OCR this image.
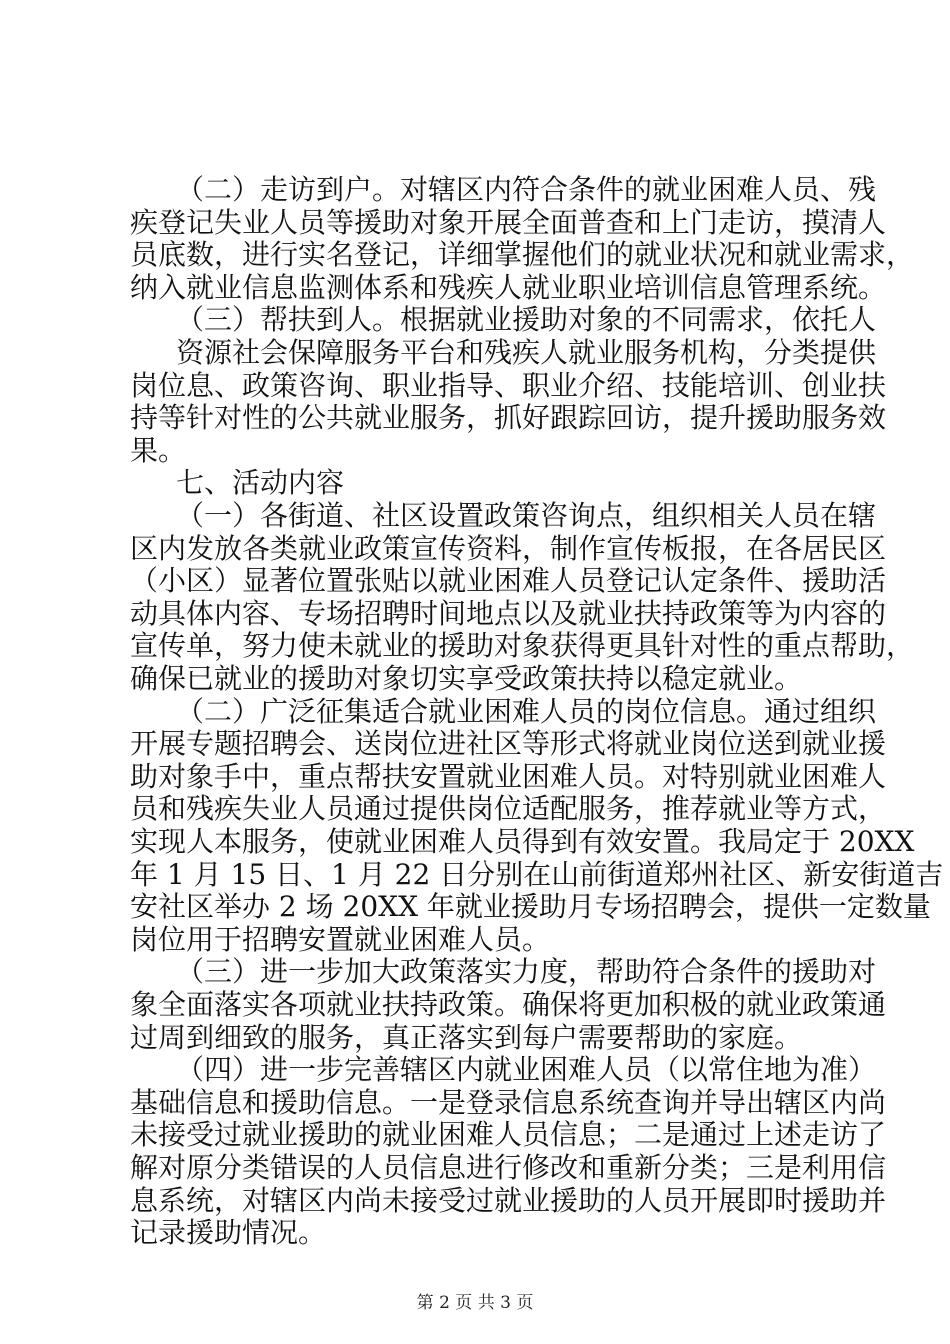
（二）走访到户。对辖区内符合条件的就业困难人员、残
疾登记失业人员等援助对象开展全面普查和上门走访，摸清人
员底数，进行实名登记，详细掌握他们的就业状况和就业需求，
纳入就业信息监测体系和残疾人就业职业培训信息管理系统。
（三）帮扶到人。根据就业援助对象的不同需求，依托人
资源社会保障服务平台和残疾人就业服务机构，分类提供
岗位息、政策咨询、职业指导、职业介绍、技能培训、创业扶
持等针对性的公共就业服务，抓好跟踪回访，提升援助服务效
果。
七、活动内容
（一）各街道、社区设置政策咨询点，组织相关人员在辖
区内发放各类就业政策宣传资料，制作宣传板报，在各居民区
（小区）显著位置张贴以就业困难人员登记认定条件、援助活
动具体内容、专场招聘时间地点以及就业扶持政策等为内容的
宣传单，努力使未就业的援助对象获得更具针对性的重点帮助，
确保已就业的援助对象切实享受政策扶持以稳定就业。
（二）广泛征集适合就业困难人员的岗位信息。通过组织
开展专题招聘会、送岗位进社区等形式将就业岗位送到就业援
助对象手中，重点帮扶安置就业困难人员。对特别就业困难人
员和残疾失业人员通过提供岗位适配服务，推荐就业等方式，
实现人本服务，使就业困难人员得到有效安置。我局定于 20XX
年 1 月 15 日、1 月 22 日分别在山前街道郑州社区、新安街道吉
安社区举办 2 场 20XX 年就业援助月专场招聘会，提供一定数量
岗位用于招聘安置就业困难人员。
（三）进一步加大政策落实力度，帮助符合条件的援助对
象全面落实各项就业扶持政策。确保将更加积极的就业政策通
过周到细致的服务，真正落实到每户需要帮助的家庭。
（四）进一步完善辖区内就业困难人员（以常住地为准）
基础信息和援助信息。一是登录信息系统查询并导出辖区内尚
未接受过就业援助的就业困难人员信息；二是通过上述走访了
解对原分类错误的人员信息进行修改和重新分类；三是利用信
第 2 页 共 3 页
息系统，对辖区内尚未接受过就业援助的人员开展即时援助并
记录援助情况。
